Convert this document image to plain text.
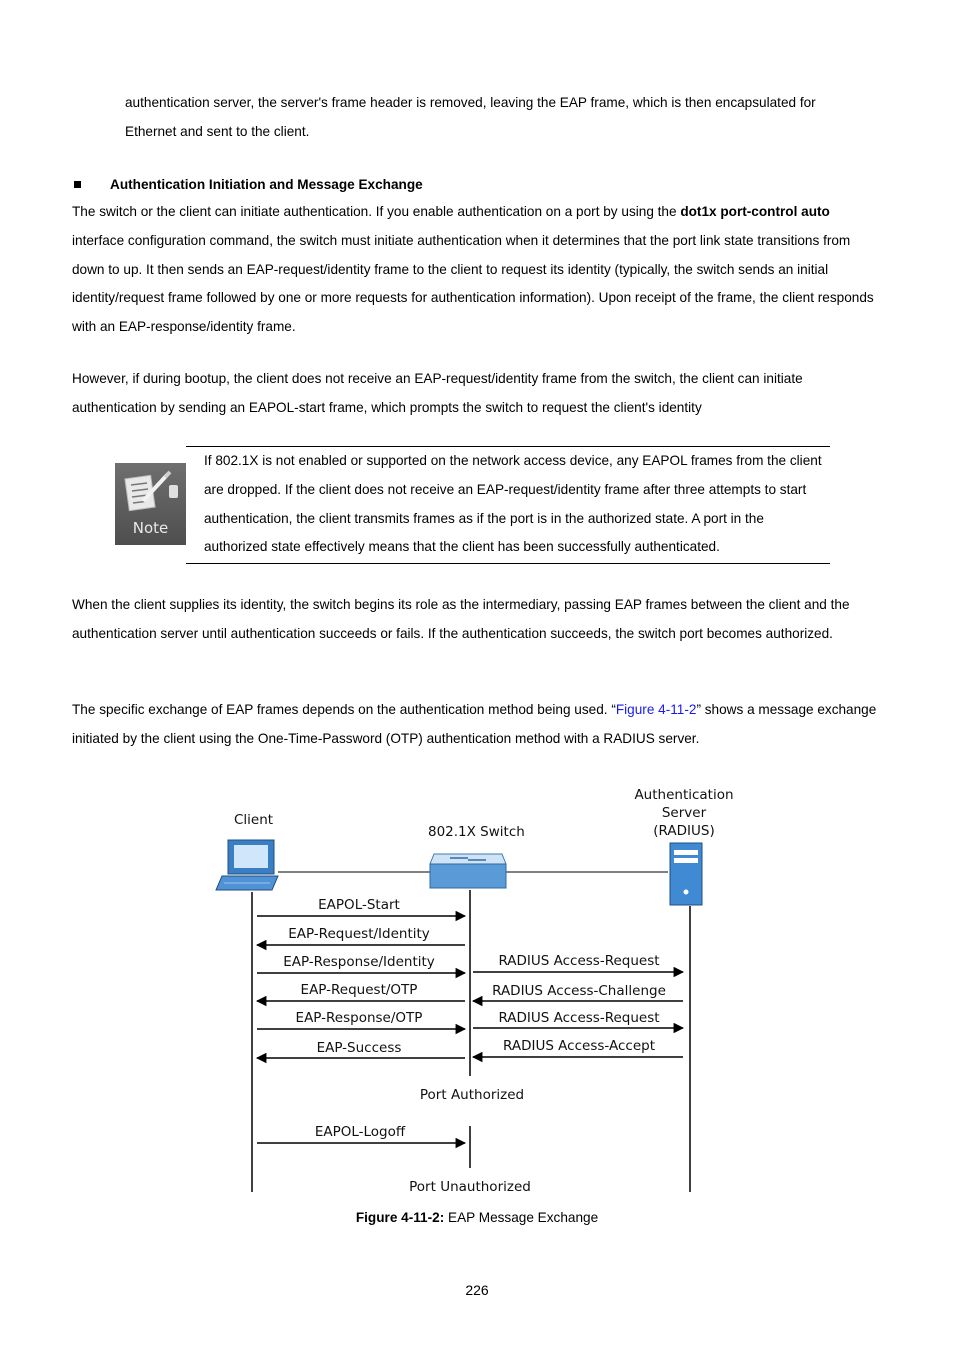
authentication server, the server's frame header is removed, leaving the EAP frame, which is then encapsulated for
Ethernet and sent to the client.

Authentication Initiation and Message Exchange

The switch or the client can initiate authentication. If you enable authentication on a port by using the dot1x port-control auto interface configuration command, the switch must initiate authentication when it determines that the port link state transitions from down to up. It then sends an EAP-request/identity frame to the client to request its identity (typically, the switch sends an initial identity/request frame followed by one or more requests for authentication information). Upon receipt of the frame, the client responds with an EAP-response/identity frame.

However, if during bootup, the client does not receive an EAP-request/identity frame from the switch, the client can initiate authentication by sending an EAPOL-start frame, which prompts the switch to request the client's identity

Note
If 802.1X is not enabled or supported on the network access device, any EAPOL frames from the client are dropped. If the client does not receive an EAP-request/identity frame after three attempts to start authentication, the client transmits frames as if the port is in the authorized state. A port in the authorized state effectively means that the client has been successfully authenticated.

When the client supplies its identity, the switch begins its role as the intermediary, passing EAP frames between the client and the authentication server until authentication succeeds or fails. If the authentication succeeds, the switch port becomes authorized.

The specific exchange of EAP frames depends on the authentication method being used. “Figure 4-11-2” shows a message exchange initiated by the client using the One-Time-Password (OTP) authentication method with a RADIUS server.

Client
802.1X Switch
Authentication
Server
(RADIUS)
EAPOL-Start
EAP-Request/Identity
EAP-Response/Identity
EAP-Request/OTP
EAP-Response/OTP
EAP-Success
RADIUS Access-Request
RADIUS Access-Challenge
RADIUS Access-Request
RADIUS Access-Accept
Port Authorized
EAPOL-Logoff
Port Unauthorized
Figure 4-11-2: EAP Message Exchange
226
